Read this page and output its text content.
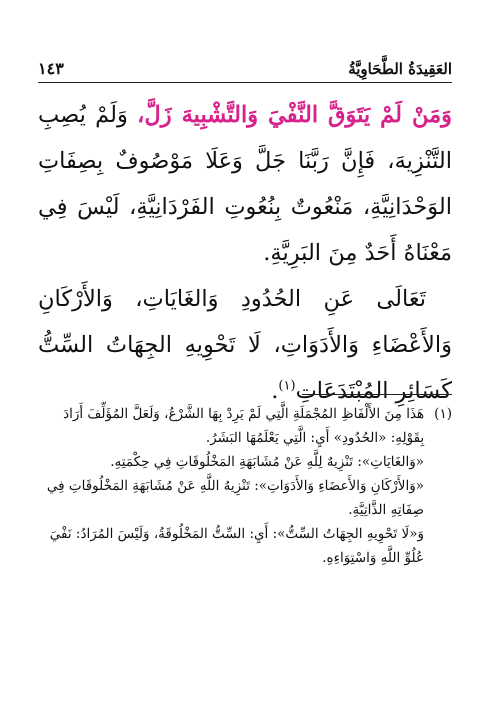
العَقِيدَةُ الطَّحَاوِيَّةُ
١٤٣

وَمَنْ لَمْ يَتَوَقَّ النَّفْيَ وَالتَّشْبِيهَ زَلَّ، وَلَمْ يُصِبِ التَّنْزِيهَ، فَإِنَّ رَبَّنَا جَلَّ وَعَلَا مَوْصُوفٌ بِصِفَاتِ الوَحْدَانِيَّةِ، مَنْعُوتٌ بِنُعُوتِ الفَرْدَانِيَّةِ، لَيْسَ فِي مَعْنَاهُ أَحَدٌ مِنَ البَرِيَّةِ.

تَعَالَى عَنِ الحُدُودِ وَالغَايَاتِ، وَالأَرْكَانِ وَالأَعْضَاءِ وَالأَدَوَاتِ، لَا تَحْوِيهِ الجِهَاتُ السِّتُّ كَسَائِرِ المُبْتَدَعَاتِ$^{(١)}$.

(١)
هَذَا مِنَ الأَلْفَاظِ المُجْمَلَةِ الَّتِي لَمْ يَرِدْ بِهَا الشَّرْعُ، وَلَعَلَّ المُؤَلِّفَ أَرَادَ بِقَوْلِهِ: «الحُدُودِ» أَيِ: الَّتِي يَعْلَمُهَا البَشَرُ.

«وَالغَايَاتِ»: تَنْزِيهٌ لِلَّهِ عَنْ مُشَابَهَةِ المَخْلُوقَاتِ فِي حِكْمَتِهِ.

«وَالأَرْكَانِ وَالأَعضَاءِ وَالأَدَوَاتِ»: تَنْزِيهُ اللَّهِ عَنْ مُشَابَهَةِ المَخْلُوقَاتِ فِي صِفَاتِهِ الذَّاتِيَّةِ.

وَ«لَا تَحْوِيهِ الجِهَاتُ السِّتُّ»: أَيِ: السِّتُّ المَخْلُوقَةُ، وَلَيْسَ المُرَادُ: نَفْيَ عُلُوِّ اللَّهِ وَاسْتِوَاءِهِ.
